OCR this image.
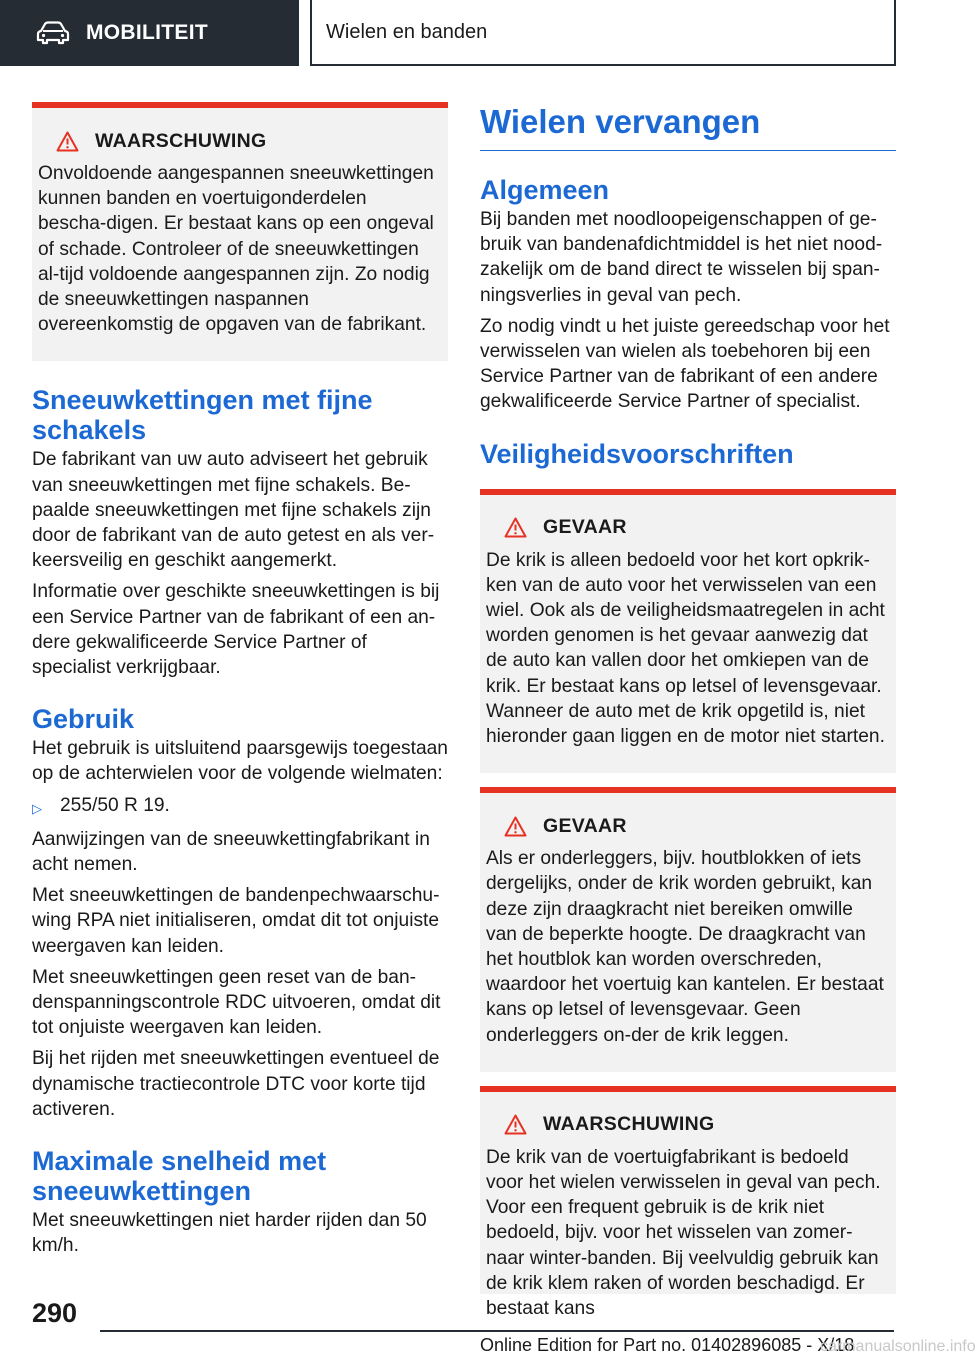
MOBILITEIT	Wielen en banden
WAARSCHUWING
Onvoldoende aangespannen sneeuwkettingen kunnen banden en voertuigonderdelen bescha-digen. Er bestaat kans op een ongeval of schade. Controleer of de sneeuwkettingen al-tijd voldoende aangespannen zijn. Zo nodig de sneeuwkettingen naspannen overeenkomstig de opgaven van de fabrikant.
Sneeuwkettingen met fijne schakels
De fabrikant van uw auto adviseert het gebruik van sneeuwkettingen met fijne schakels. Be-paalde sneeuwkettingen met fijne schakels zijn door de fabrikant van de auto getest en als ver-keersveilig en geschikt aangemerkt.
Informatie over geschikte sneeuwkettingen is bij een Service Partner van de fabrikant of een an-dere gekwalificeerde Service Partner of specialist verkrijgbaar.
Gebruik
Het gebruik is uitsluitend paarsgewijs toegestaan op de achterwielen voor de volgende wielmaten:
▷ 255/50 R 19.
Aanwijzingen van de sneeuwkettingfabrikant in acht nemen.
Met sneeuwkettingen de bandenpechwaarschu-wing RPA niet initialiseren, omdat dit tot onjuiste weergaven kan leiden.
Met sneeuwkettingen geen reset van de ban-denspanningscontrole RDC uitvoeren, omdat dit tot onjuiste weergaven kan leiden.
Bij het rijden met sneeuwkettingen eventueel de dynamische tractiecontrole DTC voor korte tijd activeren.
Maximale snelheid met sneeuwkettingen
Met sneeuwkettingen niet harder rijden dan 50 km/h.
Wielen vervangen
Algemeen
Bij banden met noodloopeigenschappen of ge-bruik van bandenafdichtmiddel is het niet nood-zakelijk om de band direct te wisselen bij span-ningsverlies in geval van pech.
Zo nodig vindt u het juiste gereedschap voor het verwisselen van wielen als toebehoren bij een Service Partner van de fabrikant of een andere gekwalificeerde Service Partner of specialist.
Veiligheidsvoorschriften
GEVAAR
De krik is alleen bedoeld voor het kort opkrik-ken van de auto voor het verwisselen van een wiel. Ook als de veiligheidsmaatregelen in acht worden genomen is het gevaar aanwezig dat de auto kan vallen door het omkiepen van de krik. Er bestaat kans op letsel of levensgevaar. Wanneer de auto met de krik opgetild is, niet hieronder gaan liggen en de motor niet starten.
GEVAAR
Als er onderleggers, bijv. houtblokken of iets dergelijks, onder de krik worden gebruikt, kan deze zijn draagkracht niet bereiken omwille van de beperkte hoogte. De draagkracht van het houtblok kan worden overschreden, waardoor het voertuig kan kantelen. Er bestaat kans op letsel of levensgevaar. Geen onderleggers on-der de krik leggen.
WAARSCHUWING
De krik van de voertuigfabrikant is bedoeld voor het wielen verwisselen in geval van pech. Voor een frequent gebruik is de krik niet bedoeld, bijv. voor het wisselen van zomer- naar winter-banden. Bij veelvuldig gebruik kan de krik klem raken of worden beschadigd. Er bestaat kans
290
Online Edition for Part no. 01402896085 - X/18
carmanualsonline.info
